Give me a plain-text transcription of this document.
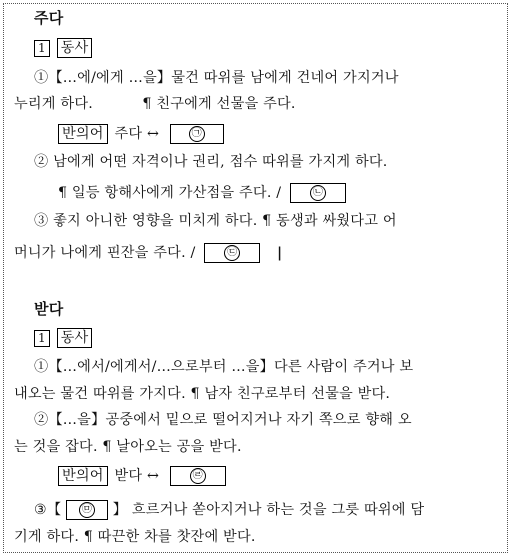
주다
1 동사
①【…에/에게 …을】물건 따위를 남에게 건네어 가지거나
누리게 하다.	¶ 친구에게 선물을 주다.
반의어 주다 ↔	㉠
② 남에게 어떤 자격이나 권리, 점수 따위를 가지게 하다.
¶ 일등 항해사에게 가산점을 주다. /	㉡
③ 좋지 아니한 영향을 미치게 하다. ¶ 동생과 싸웠다고 어
머니가 나에게 핀잔을 주다. /	㉢	|
받다
1 동사
①【…에서/에게서/…으로부터 …을】다른 사람이 주거나 보
내오는 물건 따위를 가지다. ¶ 남자 친구로부터 선물을 받다.
②【…을】공중에서 밑으로 떨어지거나 자기 쪽으로 향해 오
는 것을 잡다. ¶ 날아오는 공을 받다.
반의어 받다 ↔	㉣
③【 ㉤ 】 흐르거나 쏟아지거나 하는 것을 그릇 따위에 담
기게 하다. ¶ 따끈한 차를 찻잔에 받다.
